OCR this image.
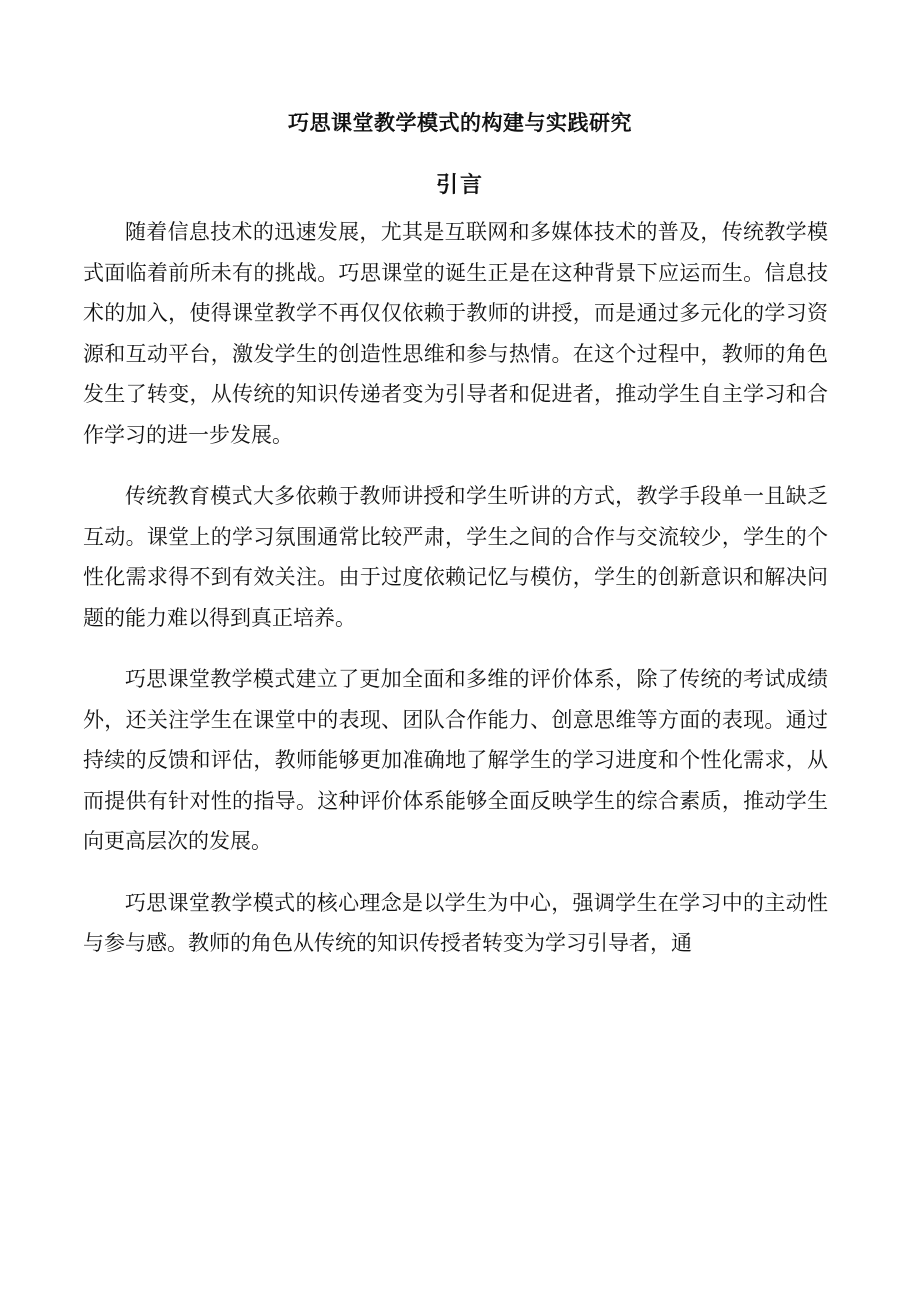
巧思课堂教学模式的构建与实践研究
引言

随着信息技术的迅速发展，尤其是互联网和多媒体技术的普及，传统教学模式面临着前所未有的挑战。巧思课堂的诞生正是在这种背景下应运而生。信息技术的加入，使得课堂教学不再仅仅依赖于教师的讲授，而是通过多元化的学习资源和互动平台，激发学生的创造性思维和参与热情。在这个过程中，教师的角色发生了转变，从传统的知识传递者变为引导者和促进者，推动学生自主学习和合作学习的进一步发展。

传统教育模式大多依赖于教师讲授和学生听讲的方式，教学手段单一且缺乏互动。课堂上的学习氛围通常比较严肃，学生之间的合作与交流较少，学生的个性化需求得不到有效关注。由于过度依赖记忆与模仿，学生的创新意识和解决问题的能力难以得到真正培养。

巧思课堂教学模式建立了更加全面和多维的评价体系，除了传统的考试成绩外，还关注学生在课堂中的表现、团队合作能力、创意思维等方面的表现。通过持续的反馈和评估，教师能够更加准确地了解学生的学习进度和个性化需求，从而提供有针对性的指导。这种评价体系能够全面反映学生的综合素质，推动学生向更高层次的发展。

巧思课堂教学模式的核心理念是以学生为中心，强调学生在学习中的主动性与参与感。教师的角色从传统的知识传授者转变为学习引导者，通
